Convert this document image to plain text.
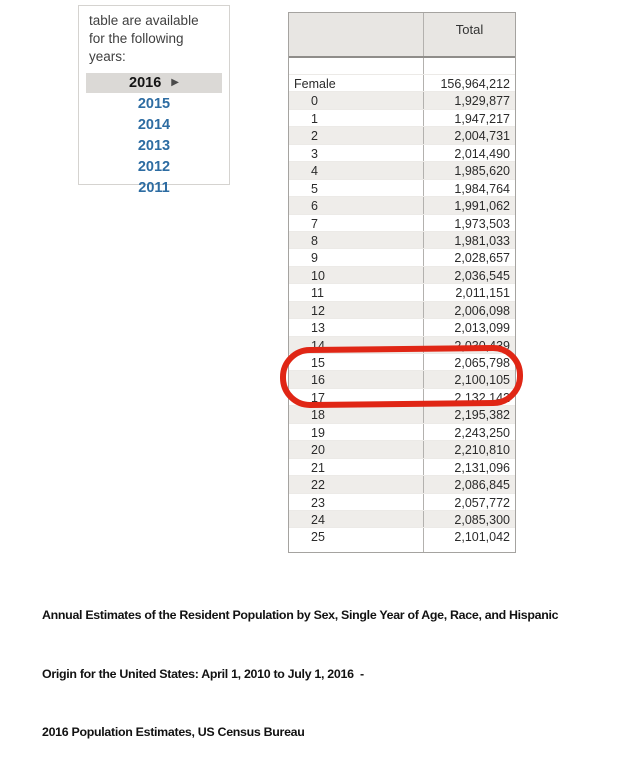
table are available
for the following
years:
2016 ▶
2015
2014
2013
2012
2011
Total
Female	156,964,212
0	1,929,877
1	1,947,217
2	2,004,731
3	2,014,490
4	1,985,620
5	1,984,764
6	1,991,062
7	1,973,503
8	1,981,033
9	2,028,657
10	2,036,545
11	2,011,151
12	2,006,098
13	2,013,099
14	2,030,439
15	2,065,798
16	2,100,105
17	2,132,142
18	2,195,382
19	2,243,250
20	2,210,810
21	2,131,096
22	2,086,845
23	2,057,772
24	2,085,300
25	2,101,042

Annual Estimates of the Resident Population by Sex, Single Year of Age, Race, and Hispanic

Origin for the United States: April 1, 2010 to July 1, 2016  -

2016 Population Estimates, US Census Bureau
